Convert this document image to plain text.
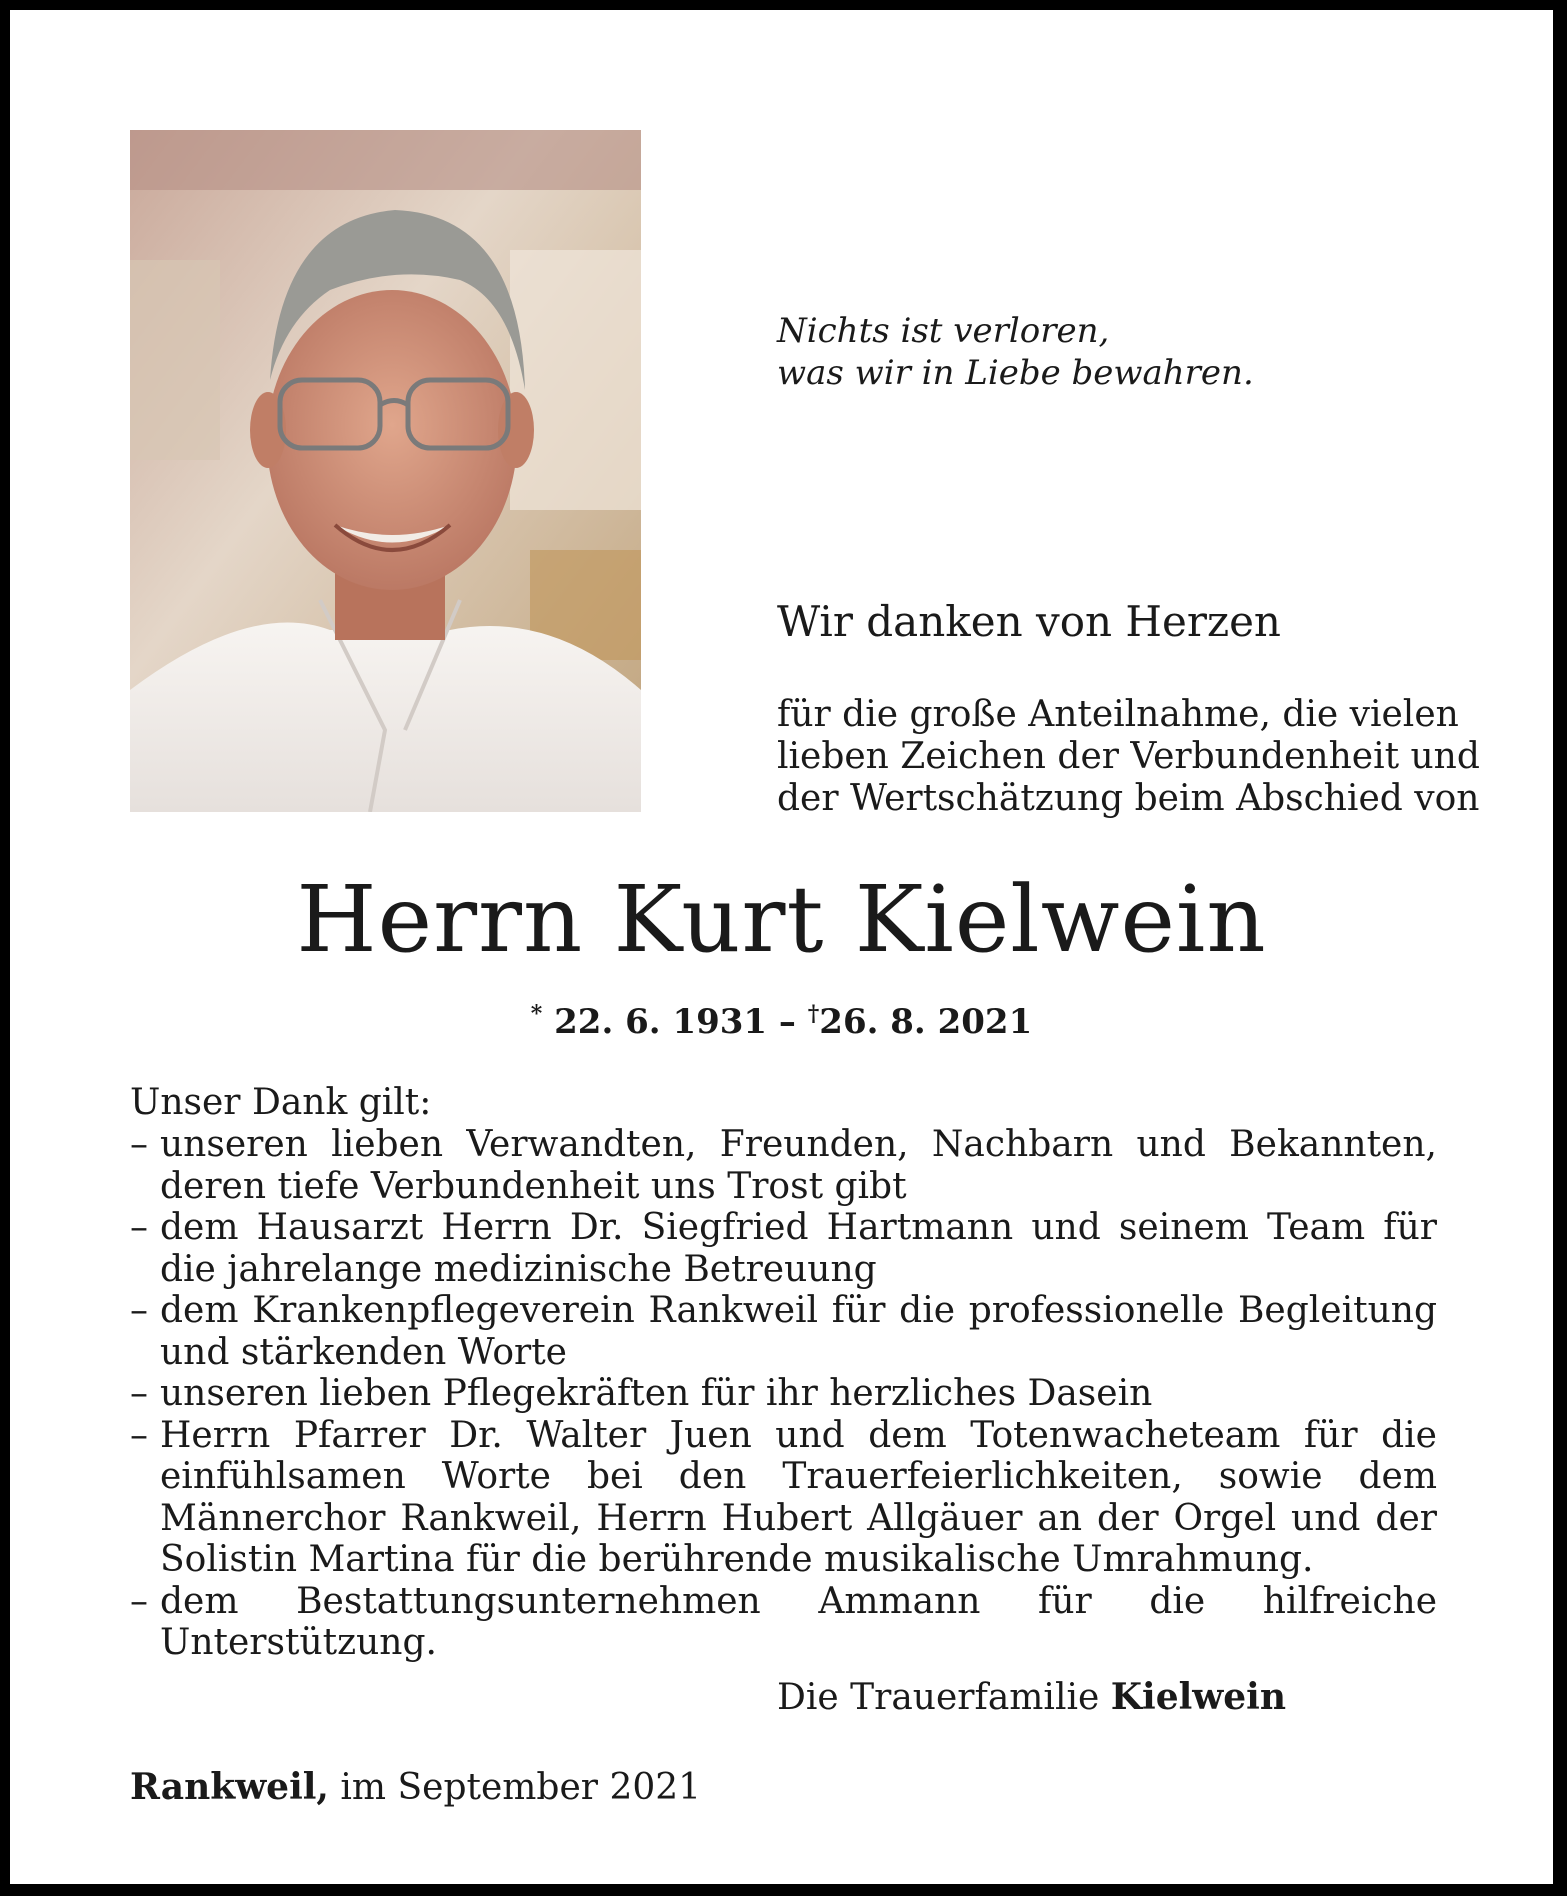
Nichts ist verloren,
was wir in Liebe bewahren.
Wir danken von Herzen
für die große Anteilnahme, die vielen
lieben Zeichen der Verbundenheit und
der Wertschätzung beim Abschied von
Herrn Kurt Kielwein
* 22. 6. 1931 – †26. 8. 2021
Unser Dank gilt:
– unseren lieben Verwandten, Freunden, Nachbarn und Bekannten, deren tiefe Verbundenheit uns Trost gibt
– dem Hausarzt Herrn Dr. Siegfried Hartmann und seinem Team für die jahrelange medizinische Betreuung
– dem Krankenpflegeverein Rankweil für die professionelle Begleitung und stärkenden Worte
– unseren lieben Pflegekräften für ihr herzliches Dasein
– Herrn Pfarrer Dr. Walter Juen und dem Totenwacheteam für die einfühlsamen Worte bei den Trauerfeierlichkeiten, sowie dem Männerchor Rankweil, Herrn Hubert Allgäuer an der Orgel und der Solistin Martina für die berührende musikalische Umrahmung.
– dem Bestattungsunternehmen Ammann für die hilfreiche Unterstützung.
Die Trauerfamilie Kielwein
Rankweil, im September 2021
